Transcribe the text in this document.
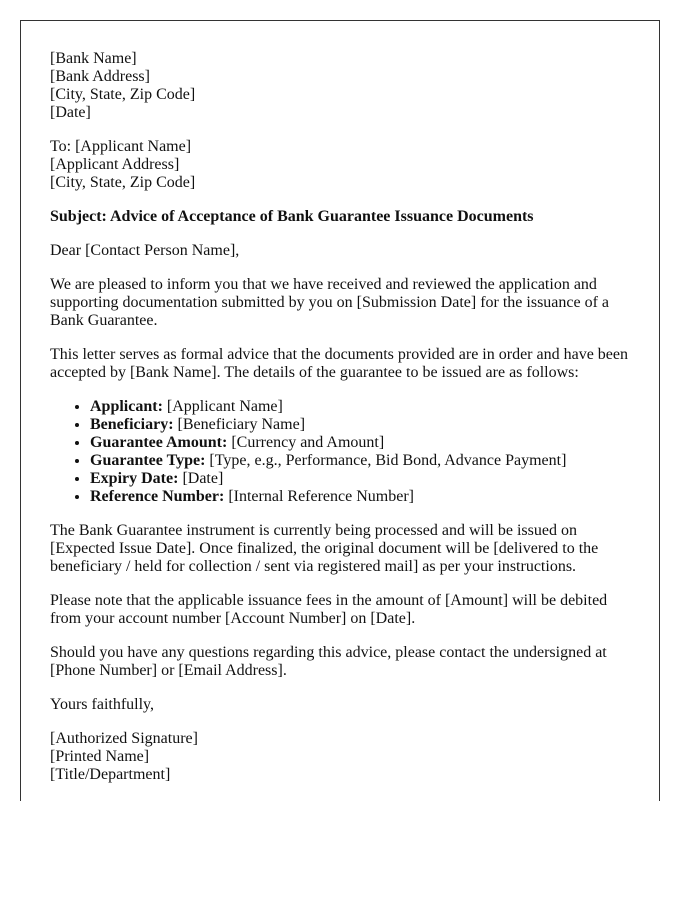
[Bank Name]
[Bank Address]
[City, State, Zip Code]
[Date]

To: [Applicant Name]
[Applicant Address]
[City, State, Zip Code]

Subject: Advice of Acceptance of Bank Guarantee Issuance Documents

Dear [Contact Person Name],

We are pleased to inform you that we have received and reviewed the application and supporting documentation submitted by you on [Submission Date] for the issuance of a Bank Guarantee.

This letter serves as formal advice that the documents provided are in order and have been accepted by [Bank Name]. The details of the guarantee to be issued are as follows:

• Applicant: [Applicant Name]
• Beneficiary: [Beneficiary Name]
• Guarantee Amount: [Currency and Amount]
• Guarantee Type: [Type, e.g., Performance, Bid Bond, Advance Payment]
• Expiry Date: [Date]
• Reference Number: [Internal Reference Number]

The Bank Guarantee instrument is currently being processed and will be issued on [Expected Issue Date]. Once finalized, the original document will be [delivered to the beneficiary / held for collection / sent via registered mail] as per your instructions.

Please note that the applicable issuance fees in the amount of [Amount] will be debited from your account number [Account Number] on [Date].

Should you have any questions regarding this advice, please contact the undersigned at [Phone Number] or [Email Address].

Yours faithfully,

[Authorized Signature]
[Printed Name]
[Title/Department]
